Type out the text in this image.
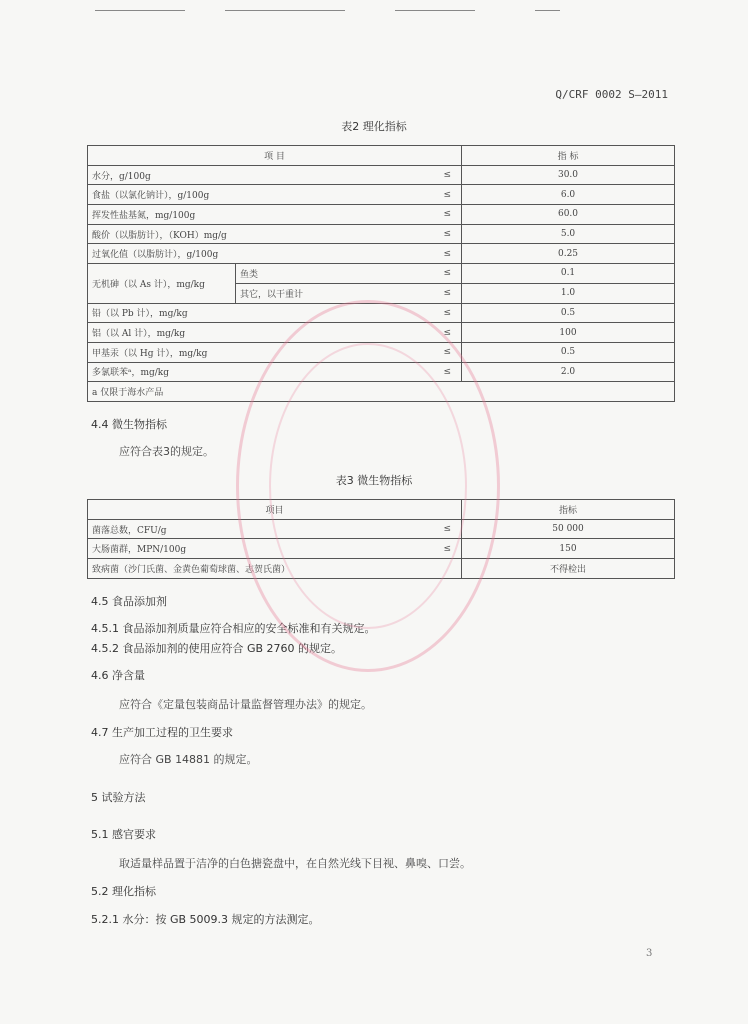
Q/CRF 0002 S—2011
表2 理化指标
项 目			指 标
水分，g/100g		≤	30.0
食盐（以氯化钠计），g/100g		≤	6.0
挥发性盐基氮，mg/100g		≤	60.0
酸价（以脂肪计），（KOH）mg/g		≤	5.0
过氧化值（以脂肪计），g/100g		≤	0.25
无机砷（以 As 计），mg/kg	鱼类	≤	0.1
	其它，以干重计	≤	1.0
铅（以 Pb 计），mg/kg		≤	0.5
铝（以 Al 计），mg/kg		≤	100
甲基汞（以 Hg 计），mg/kg		≤	0.5
多氯联苯ᵃ，mg/kg		≤	2.0
a 仅限于海水产品			
4.4 微生物指标
应符合表3的规定。
表3 微生物指标
项目		指标
菌落总数，CFU/g	≤	50 000
大肠菌群，MPN/100g	≤	150
致病菌（沙门氏菌、金黄色葡萄球菌、志贺氏菌）		不得检出
4.5 食品添加剂
4.5.1 食品添加剂质量应符合相应的安全标准和有关规定。
4.5.2 食品添加剂的使用应符合 GB 2760 的规定。
4.6 净含量
应符合《定量包装商品计量监督管理办法》的规定。
4.7 生产加工过程的卫生要求
应符合 GB 14881 的规定。
5 试验方法
5.1 感官要求
取适量样品置于洁净的白色搪瓷盘中，在自然光线下目视、鼻嗅、口尝。
5.2 理化指标
5.2.1 水分：按 GB 5009.3 规定的方法测定。
3
